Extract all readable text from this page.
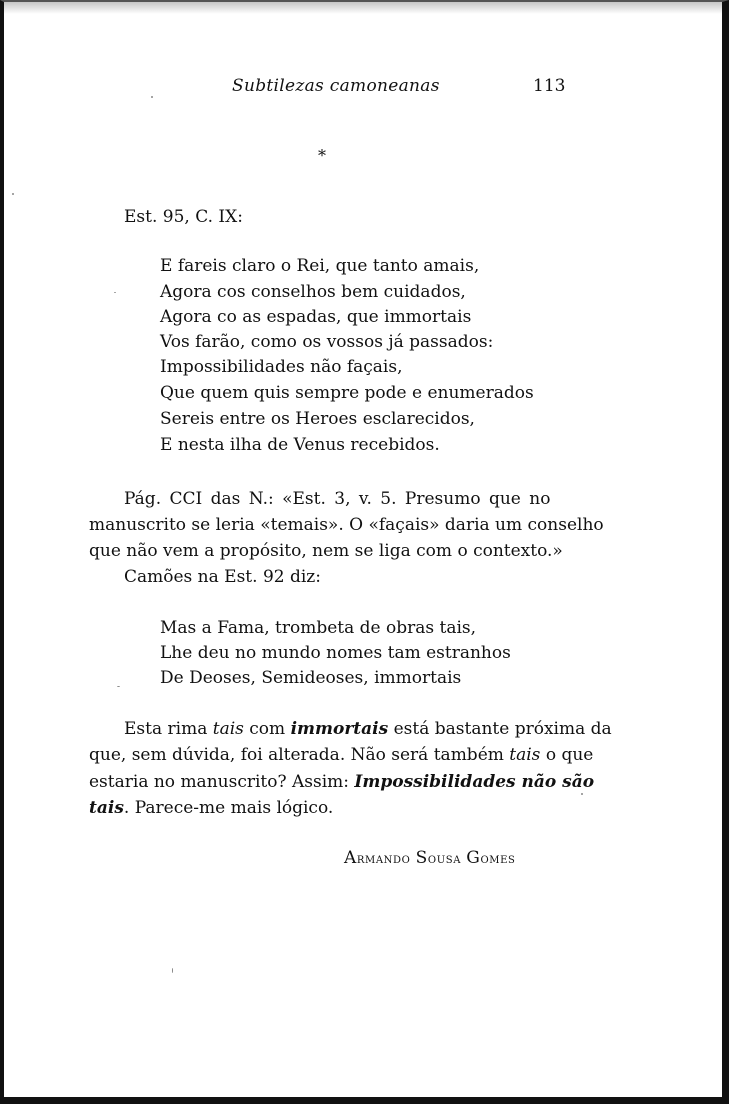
Subtilezas camoneanas	113
*
Est. 95, C. IX:
E fareis claro o Rei, que tanto amais,
Agora cos conselhos bem cuidados,
Agora co as espadas, que immortais
Vos farão, como os vossos já passados:
Impossibilidades não façais,
Que quem quis sempre pode e enumerados
Sereis entre os Heroes esclarecidos,
E nesta ilha de Venus recebidos.
Pág. CCI das N.: «Est. 3, v. 5. Presumo que no
manuscrito se leria «temais». O «façais» daria um conselho
que não vem a propósito, nem se liga com o contexto.»
Camões na Est. 92 diz:
Mas a Fama, trombeta de obras tais,
Lhe deu no mundo nomes tam estranhos
De Deoses, Semideoses, immortais
Esta rima tais com immortais está bastante próxima da
que, sem dúvida, foi alterada. Não será também tais o que
estaria no manuscrito? Assim: Impossibilidades não são
tais. Parece-me mais lógico.
Armando Sousa Gomes
